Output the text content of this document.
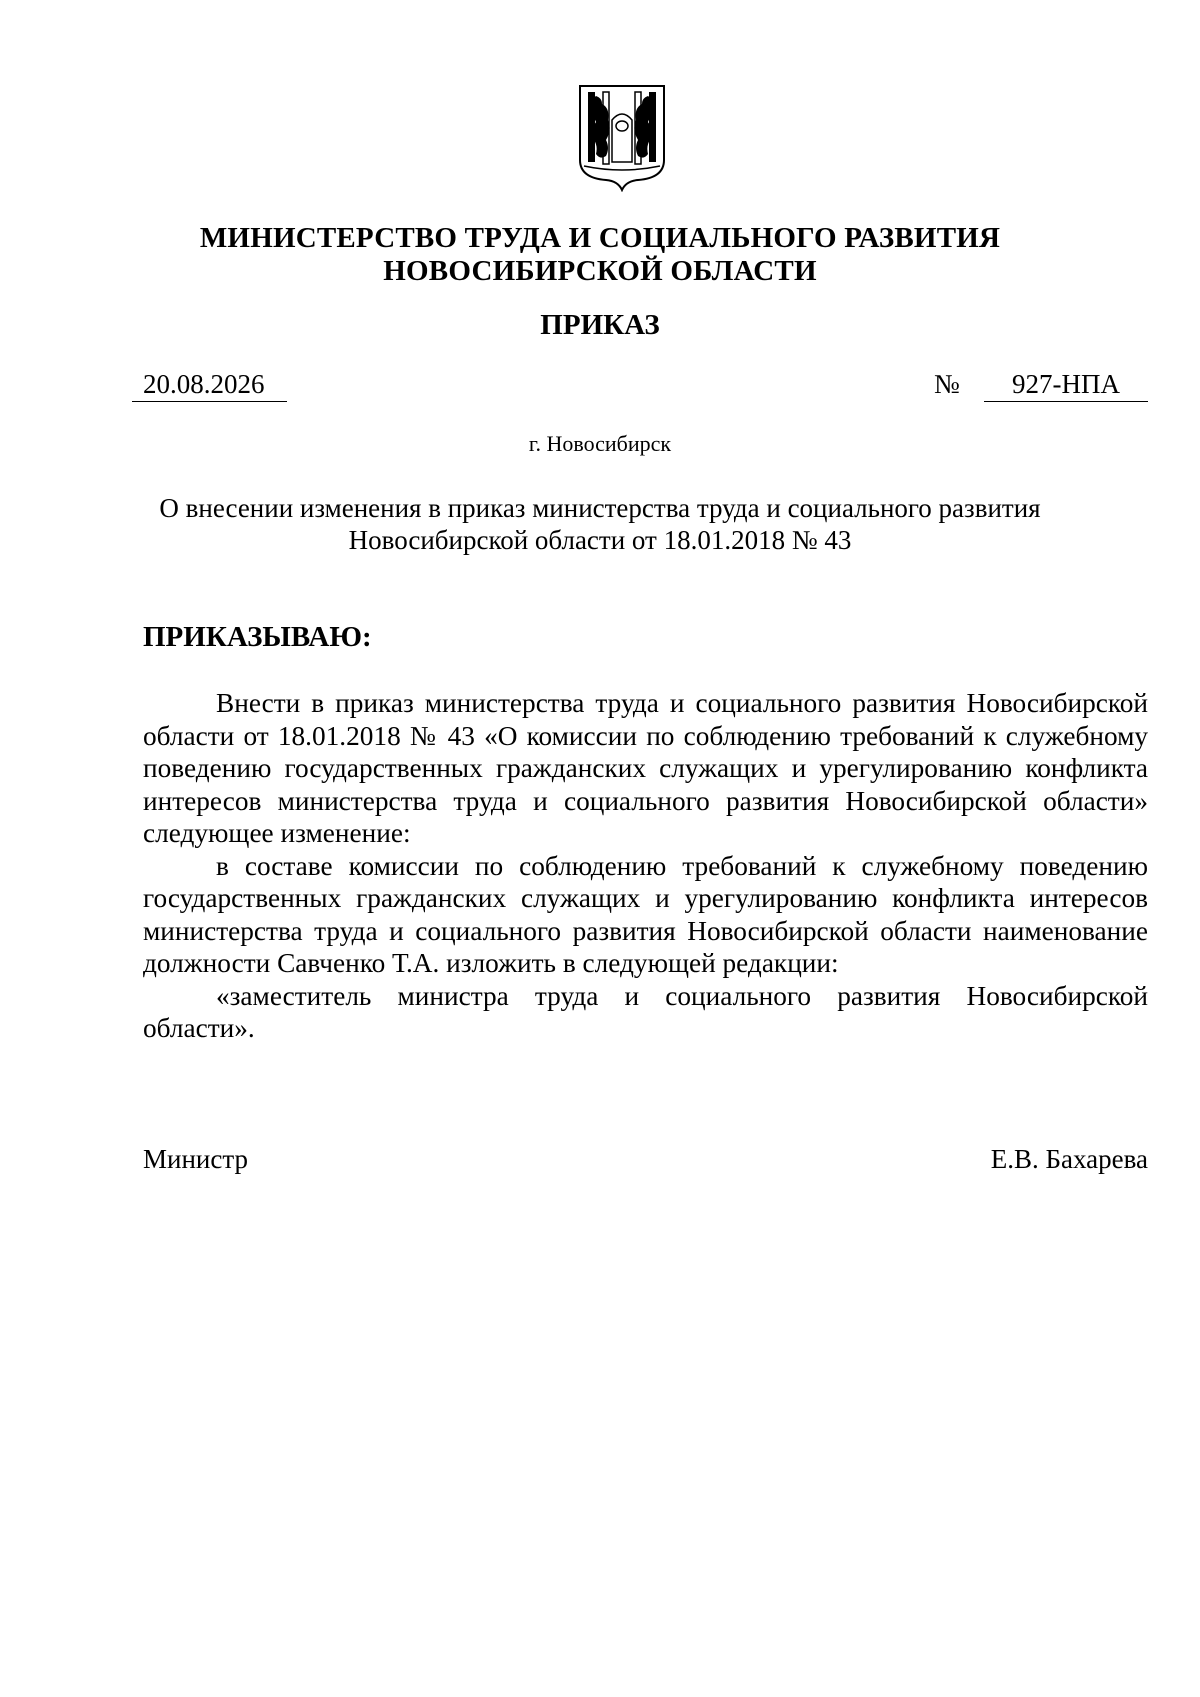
МИНИСТЕРСТВО ТРУДА И СОЦИАЛЬНОГО РАЗВИТИЯ
НОВОСИБИРСКОЙ ОБЛАСТИ
ПРИКАЗ
20.08.2026	№	927-НПА
г. Новосибирск
О внесении изменения в приказ министерства труда и социального развития
Новосибирской области от 18.01.2018 № 43
ПРИКАЗЫВАЮ:

Внести в приказ министерства труда и социального развития Новосибирской области от 18.01.2018 № 43 «О комиссии по соблюдению требований к служебному поведению государственных гражданских служащих и урегулированию конфликта интересов министерства труда и социального развития Новосибирской области» следующее изменение:

в составе комиссии по соблюдению требований к служебному поведению государственных гражданских служащих и урегулированию конфликта интересов министерства труда и социального развития Новосибирской области наименование должности Савченко Т.А. изложить в следующей редакции:

«заместитель министра труда и социального развития Новосибирской области».

Министр	Е.В. Бахарева
